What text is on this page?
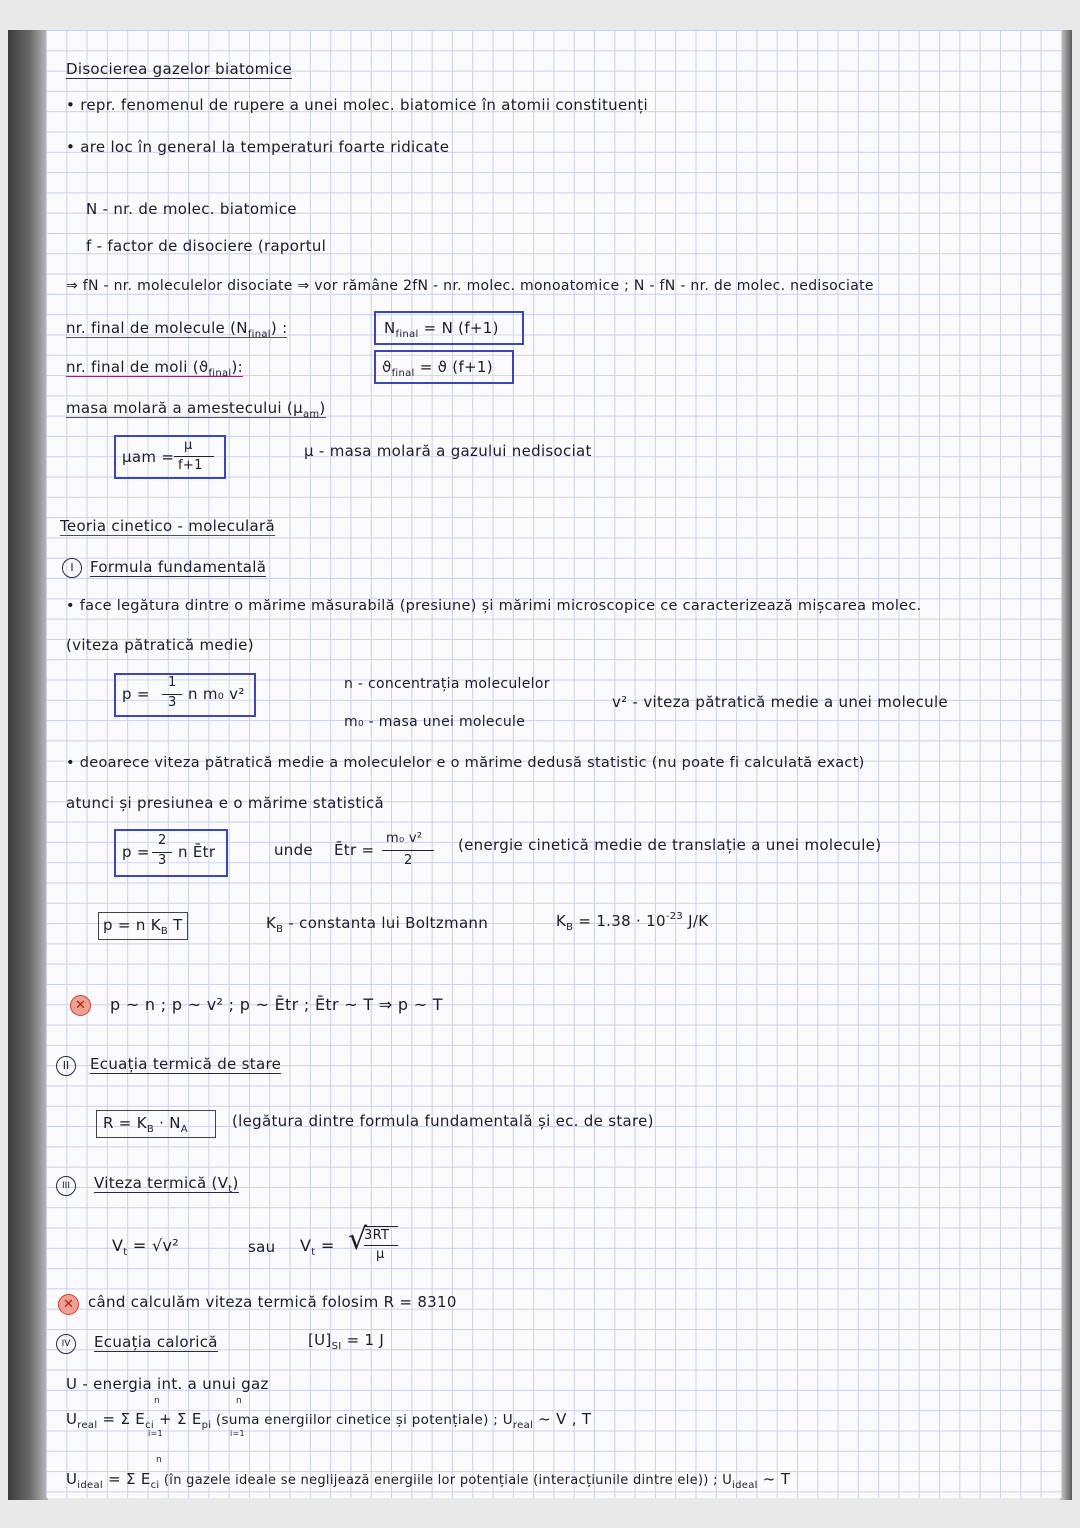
Disocierea gazelor biatomice
• repr. fenomenul de rupere a unei molec. biatomice în atomii constituenți
• are loc în general la temperaturi foarte ridicate
N - nr. de molec. biatomice
f - factor de disociere (raportul
⇒ fN - nr. moleculelor disociate ⇒ vor rămâne 2fN - nr. molec. monoatomice ; N - fN - nr. de molec. nedisociate
nr. final de molecule $(N_{final})$ :	$N_{final} = N$ (f+1)
nr. final de moli $(ϑ_{final})$:	$ϑ_{final} = ϑ$ (f+1)
masa molară a amestecului $(\mu_{am})$
μam =
μ
f+1
μ - masa molară a gazului nedisociat
Teoria cinetico - moleculară
I	Formula fundamentală
• face legătura dintre o mărime măsurabilă (presiune) și mărimi microscopice ce caracterizează mișcarea molec.
(viteza pătratică medie)
p =
1
3 n m₀ v²
n - concentrația moleculelor
m₀ - masa unei molecule
v² - viteza pătratică medie a unei molecule
• deoarece viteza pătratică medie a moleculelor e o mărime dedusă statistic (nu poate fi calculată exact)
atunci și presiunea e o mărime statistică
p =
2
3 n Ētr	unde Ētr =
m₀ v²
2
(energie cinetică medie de translație a unei molecule)
p = n $K_B$ T	$K_B$ - constanta lui Boltzmann	$K_B = 1.38 \cdot 10^{-23}$ J/K
✕	p ~ n ; p ~ v² ; p ~ Ētr ; Ētr ~ T ⇒ p ~ T
II	Ecuația termică de stare
$R = K_B \cdot N_A$	(legătura dintre formula fundamentală și ec. de stare)
III	Viteza termică $(V_t)$
$V_t = √v^2$	sau $V_t$ = √
3RT
μ
✕ când calculăm viteza termică folosim R = 8310
IV	Ecuația calorică	$[U]_{SI} = 1$ J
U - energia int. a unui gaz
n	n
$U_{real} = \Sigma$ $E_{ci} + \Sigma$ $E_{pi}$ (suma energiilor cinetice și potențiale) ; $U_{real}$ ~ V , T
i=1	i=1
n
$U_{ideal} = \Sigma$ $E_{ci}$ (în gazele ideale se neglijează energiile lor potențiale (interacțiunile dintre ele)) ; $U_{ideal}$ ~ T
